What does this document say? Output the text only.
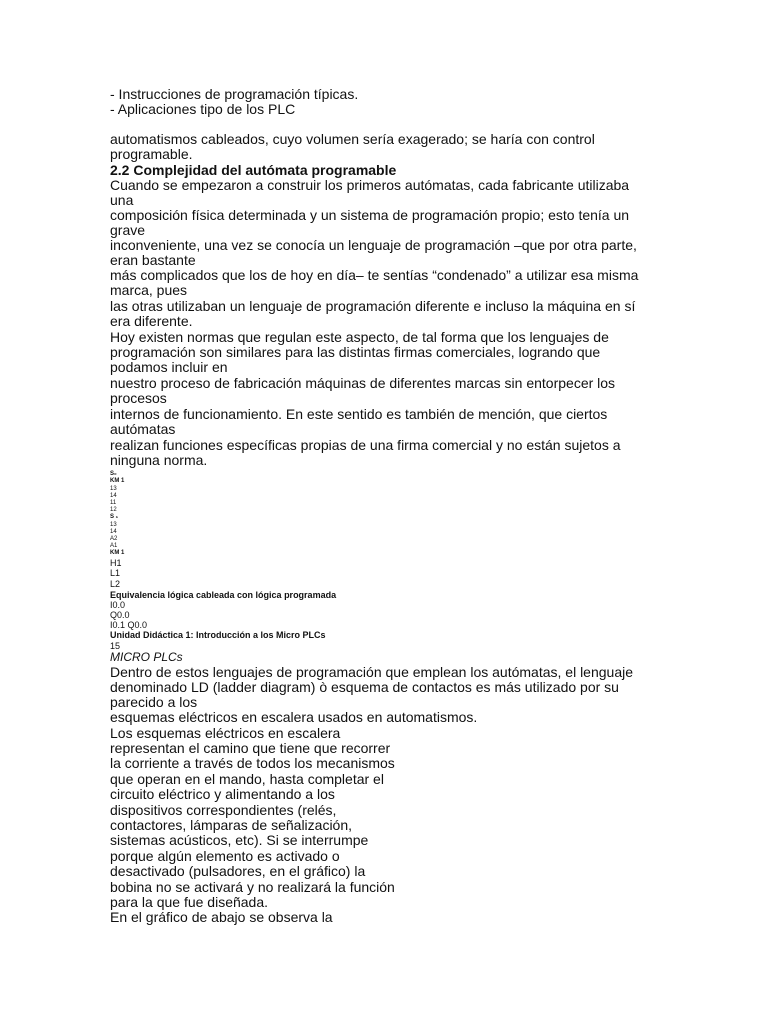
- Instrucciones de programación típicas.
- Aplicaciones tipo de los PLC
automatismos cableados, cuyo volumen sería exagerado; se haría con control
programable.
2.2 Complejidad del autómata programable
Cuando se empezaron a construir los primeros autómatas, cada fabricante utilizaba
una
composición física determinada y un sistema de programación propio; esto tenía un
grave
inconveniente, una vez se conocía un lenguaje de programación –que por otra parte,
eran bastante
más complicados que los de hoy en día– te sentías “condenado” a utilizar esa misma
marca, pues
las otras utilizaban un lenguaje de programación diferente e incluso la máquina en sí
era diferente.
Hoy existen normas que regulan este aspecto, de tal forma que los lenguajes de
programación son similares para las distintas firmas comerciales, logrando que
podamos incluir en
nuestro proceso de fabricación máquinas de diferentes marcas sin entorpecer los
procesos
internos de funcionamiento. En este sentido es también de mención, que ciertos
autómatas
realizan funciones específicas propias de una firma comercial y no están sujetos a
ninguna norma.
S₀
KM 1
13
14
11
12
S ₁
13
14
A2
A1
KM 1
H1
L1
L2
Equivalencia lógica cableada con lógica programada
I0.0
Q0.0
I0.1 Q0.0
Unidad Didáctica 1: Introducción a los Micro PLCs
15
MICRO PLCs
Dentro de estos lenguajes de programación que emplean los autómatas, el lenguaje
denominado LD (ladder diagram) ò esquema de contactos es más utilizado por su
parecido a los
esquemas eléctricos en escalera usados en automatismos.
Los esquemas eléctricos en escalera
representan el camino que tiene que recorrer
la corriente a través de todos los mecanismos
que operan en el mando, hasta completar el
circuito eléctrico y alimentando a los
dispositivos correspondientes (relés,
contactores, lámparas de señalización,
sistemas acústicos, etc). Si se interrumpe
porque algún elemento es activado o
desactivado (pulsadores, en el gráfico) la
bobina no se activará y no realizará la función
para la que fue diseñada.
En el gráfico de abajo se observa la
